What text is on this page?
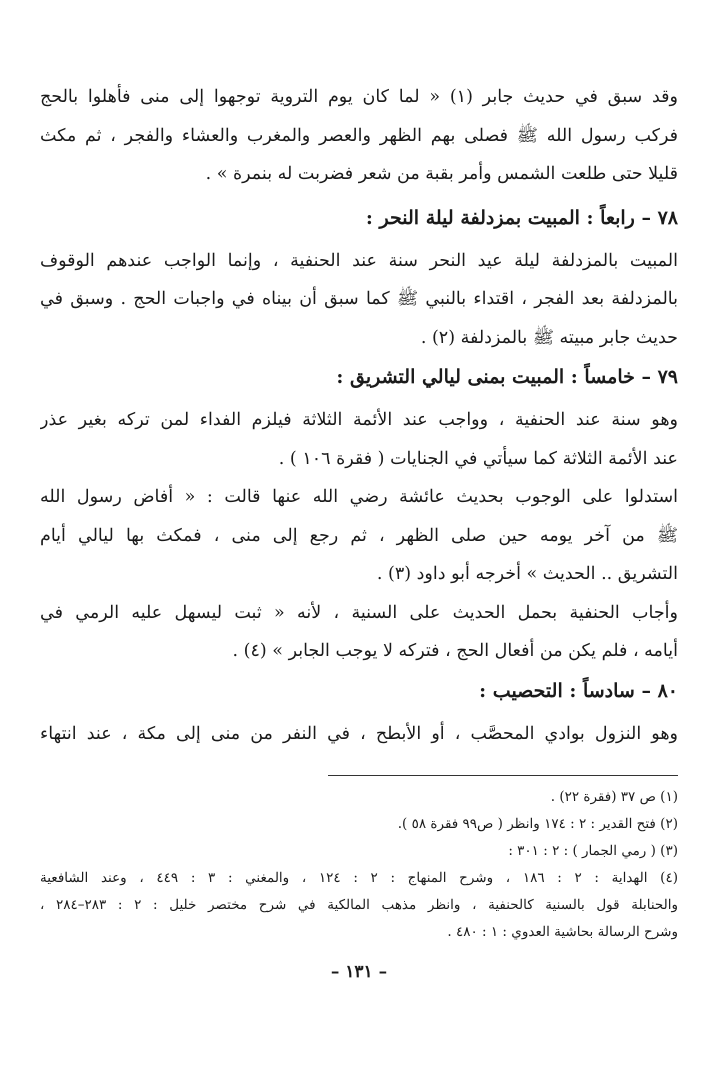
وقد سبق في حديث جابر (١) « لما كان يوم التروية توجهوا إلى منى فأهلوا بالحج
فركب رسول الله ﷺ فصلى بهم الظهر والعصر والمغرب والعشاء والفجر ، ثم مكث
قليلا حتى طلعت الشمس وأمر بقبة من شعر فضربت له بنمرة » .
٧٨ – رابعاً : المبيت بمزدلفة ليلة النحر :
المبيت بالمزدلفة ليلة عيد النحر سنة عند الحنفية ، وإنما الواجب عندهم الوقوف
بالمزدلفة بعد الفجر ، اقتداء بالنبي ﷺ كما سبق أن بيناه في واجبات الحج . وسبق في
حديث جابر مبيته ﷺ بالمزدلفة (٢) .
٧٩ – خامساً : المبيت بمنى ليالي التشريق :
وهو سنة عند الحنفية ، وواجب عند الأئمة الثلاثة فيلزم الفداء لمن تركه بغير عذر
عند الأئمة الثلاثة كما سيأتي في الجنايات ( فقرة ١٠٦ ) .
استدلوا على الوجوب بحديث عائشة رضي الله عنها قالت : « أفاض رسول الله
ﷺ من آخر يومه حين صلى الظهر ، ثم رجع إلى منى ، فمكث بها ليالي أيام
التشريق .. الحديث » أخرجه أبو داود (٣) .
وأجاب الحنفية بحمل الحديث على السنية ، لأنه « ثبت ليسهل عليه الرمي في
أيامه ، فلم يكن من أفعال الحج ، فتركه لا يوجب الجابر » (٤) .
٨٠ – سادساً : التحصيب :
وهو النزول بوادي المحصَّب ، أو الأبطح ، في النفر من منى إلى مكة ، عند انتهاء
(١) ص ٣٧ (فقرة ٢٢) .
(٢) فتح القدير : ٢ : ١٧٤ وانظر ( ص٩٩ فقرة ٥٨ ).
(٣) ( رمي الجمار ) : ٢ : ٣٠١ :
(٤) الهداية : ٢ : ١٨٦ ، وشرح المنهاج : ٢ : ١٢٤ ، والمغني : ٣ : ٤٤٩ ، وعند الشافعية
والحنابلة قول بالسنية كالحنفية ، وانظر مذهب المالكية في شرح مختصر خليل : ٢ : ٢٨٣–٢٨٤ ،
وشرح الرسالة بحاشية العدوي : ١ : ٤٨٠ .
– ١٣١ –
